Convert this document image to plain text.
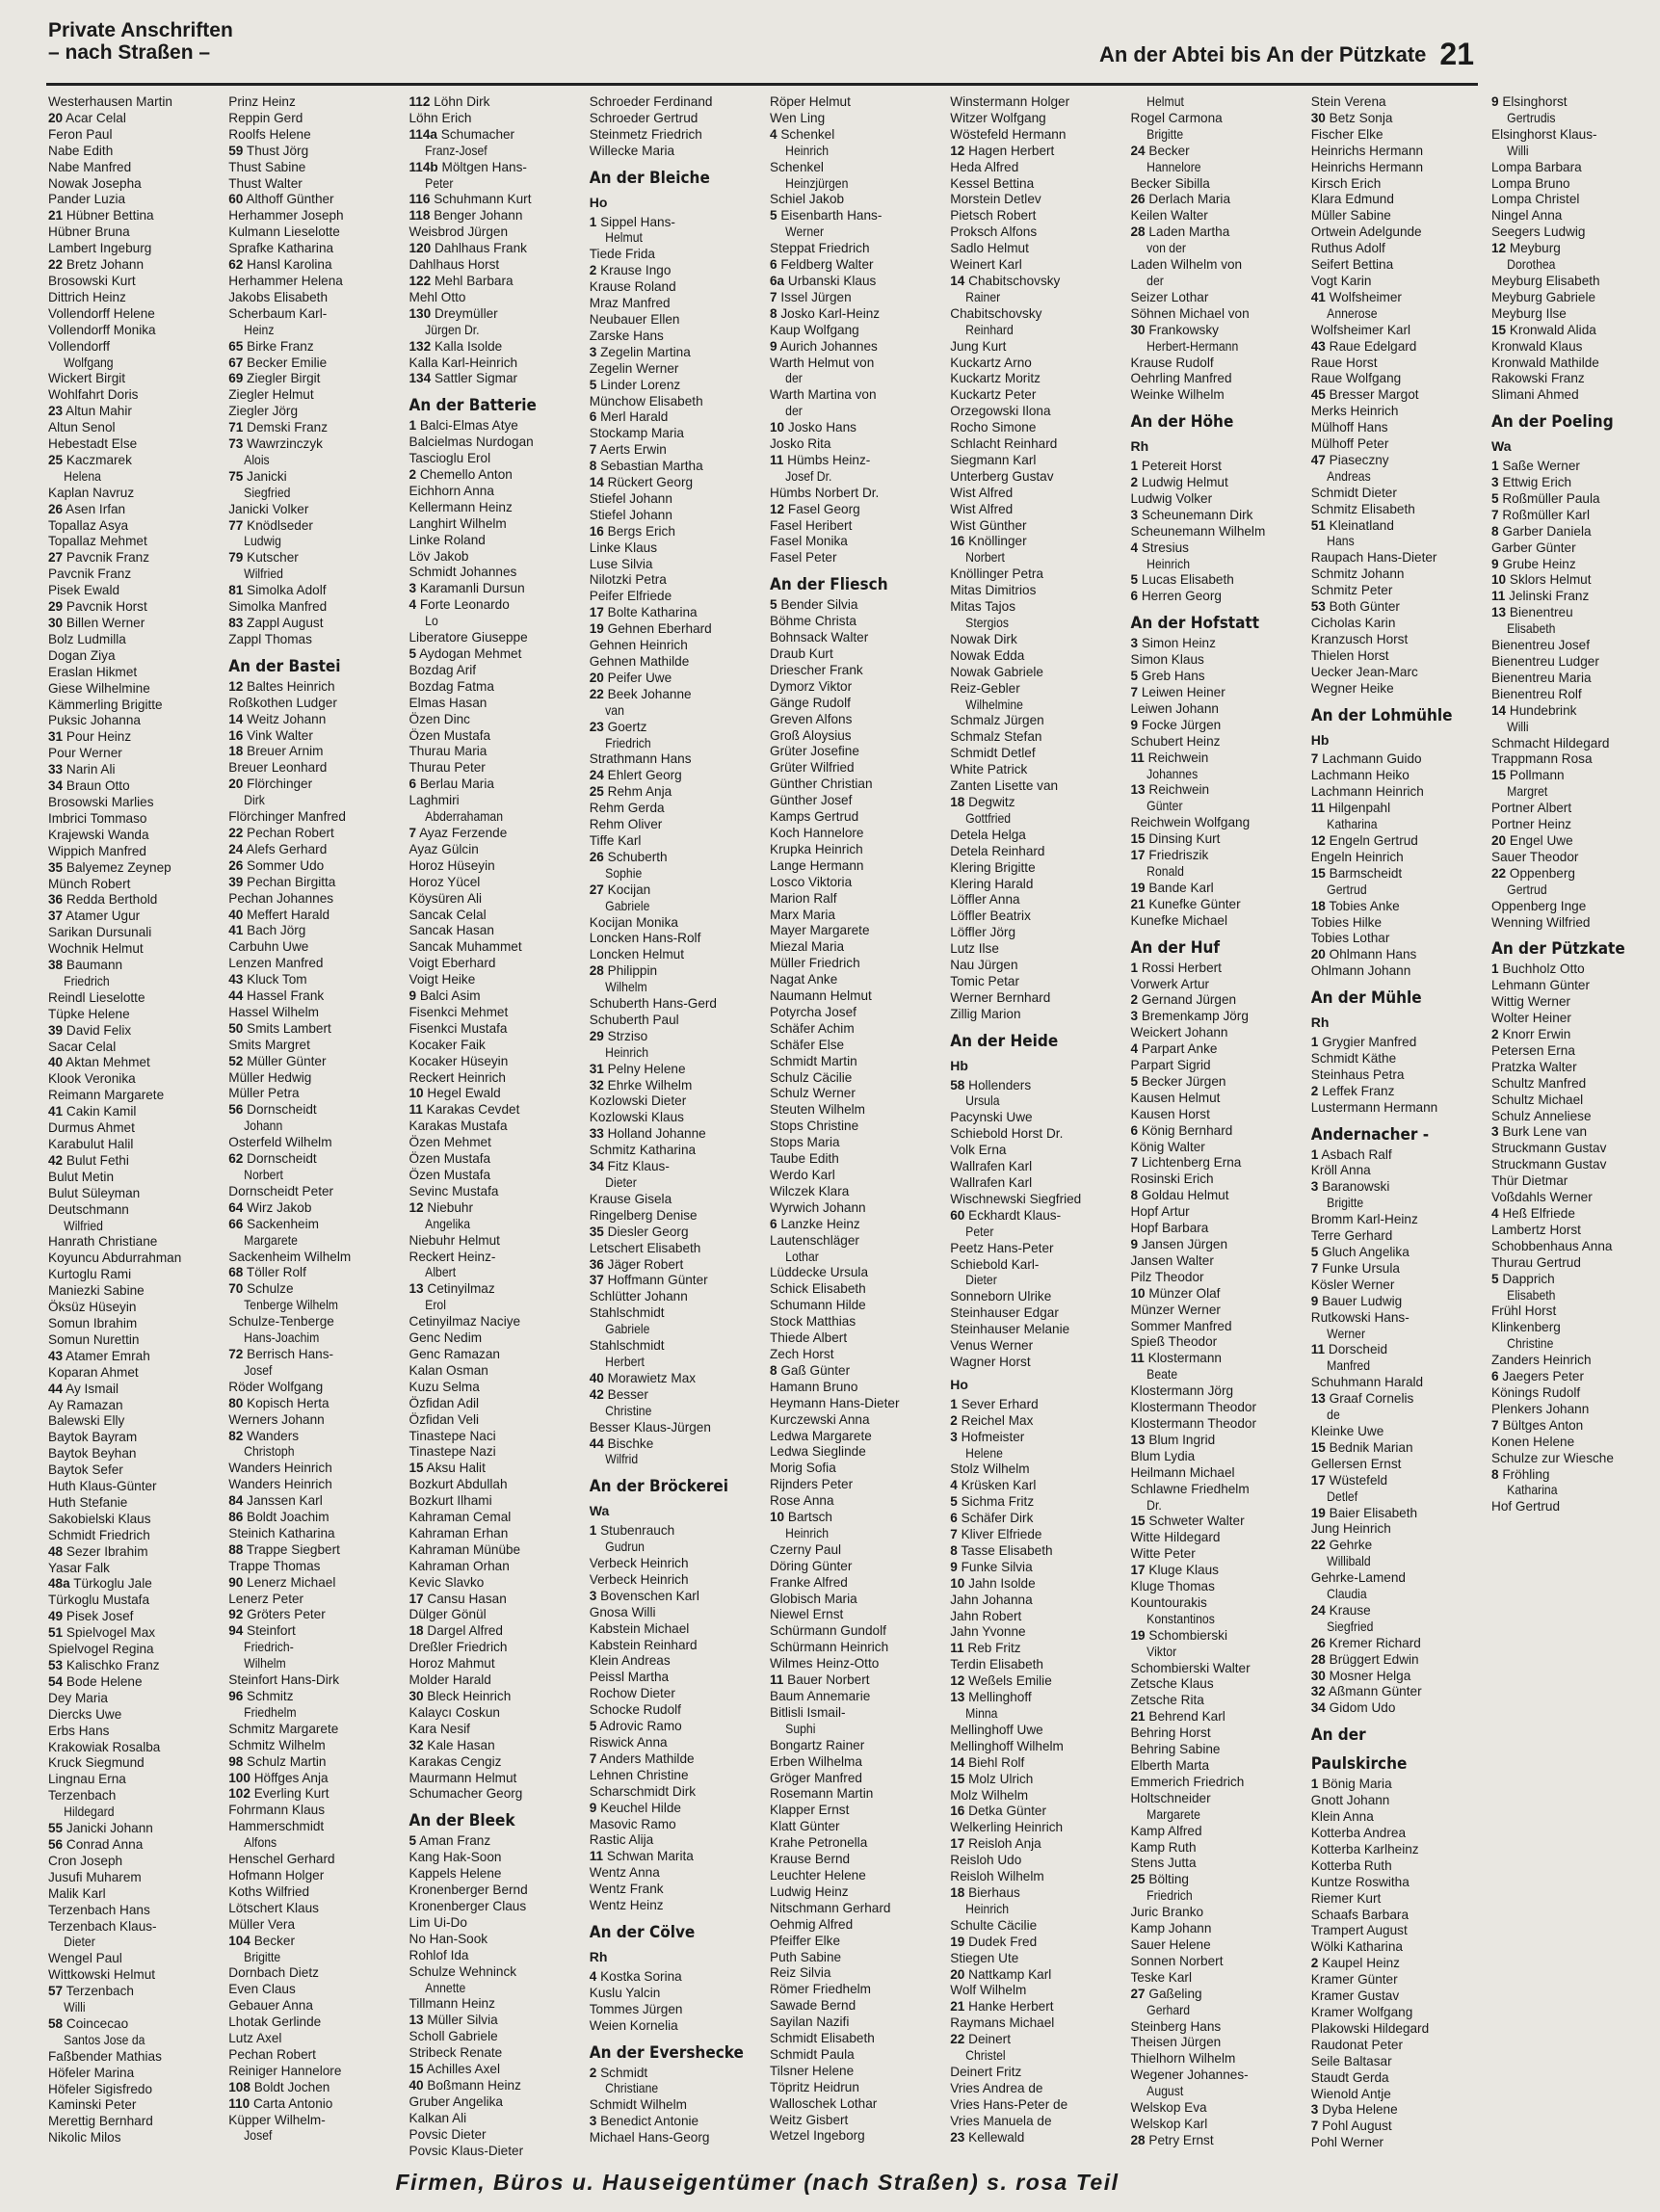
Private Anschriften
– nach Straßen –	An der Abtei bis An der Pützkate 21
Westerhausen Martin
20 Acar Celal
Feron Paul
Nabe Edith
Nabe Manfred
Nowak Josepha
Pander Luzia
21 Hübner Bettina
Hübner Bruna
Lambert Ingeburg
22 Bretz Johann
Brosowski Kurt
Dittrich Heinz
Vollendorff Helene
Vollendorff Monika
Vollendorff
Wolfgang
Wickert Birgit
Wohlfahrt Doris
23 Altun Mahir
Altun Senol
Hebestadt Else
25 Kaczmarek
Helena
Kaplan Navruz
26 Asen Irfan
Topallaz Asya
Topallaz Mehmet
27 Pavcnik Franz
Pavcnik Franz
Pisek Ewald
29 Pavcnik Horst
30 Billen Werner
Bolz Ludmilla
Dogan Ziya
Eraslan Hikmet
Giese Wilhelmine
Kämmerling Brigitte
Puksic Johanna
31 Pour Heinz
Pour Werner
33 Narin Ali
34 Braun Otto
Brosowski Marlies
Imbrici Tommaso
Krajewski Wanda
Wippich Manfred
35 Balyemez Zeynep
Münch Robert
36 Redda Berthold
37 Atamer Ugur
Sarikan Dursunali
Wochnik Helmut
38 Baumann
Friedrich
Reindl Lieselotte
Tüpke Helene
39 David Felix
Sacar Celal
40 Aktan Mehmet
Klook Veronika
Reimann Margarete
41 Cakin Kamil
Durmus Ahmet
Karabulut Halil
42 Bulut Fethi
Bulut Metin
Bulut Süleyman
Deutschmann
Wilfried
Hanrath Christiane
Koyuncu Abdurrahman
Kurtoglu Rami
Maniezki Sabine
Öksüz Hüseyin
Somun Ibrahim
Somun Nurettin
43 Atamer Emrah
Koparan Ahmet
44 Ay Ismail
Ay Ramazan
Balewski Elly
Baytok Bayram
Baytok Beyhan
Baytok Sefer
Huth Klaus-Günter
Huth Stefanie
Sakobielski Klaus
Schmidt Friedrich
48 Sezer Ibrahim
Yasar Falk
48a Türkoglu Jale
Türkoglu Mustafa
49 Pisek Josef
51 Spielvogel Max
Spielvogel Regina
53 Kalischko Franz
54 Bode Helene
Dey Maria
Diercks Uwe
Erbs Hans
Krakowiak Rosalba
Kruck Siegmund
Lingnau Erna
Terzenbach
Hildegard
55 Janicki Johann
56 Conrad Anna
Cron Joseph
Jusufi Muharem
Malik Karl
Terzenbach Hans
Terzenbach Klaus-
Dieter
Wengel Paul
Wittkowski Helmut
57 Terzenbach
Willi
58 Coincecao
Santos Jose da
Faßbender Mathias
Höfeler Marina
Höfeler Sigisfredo
Kaminski Peter
Merettig Bernhard
Nikolic Milos
Prinz Heinz
Reppin Gerd
Roolfs Helene
59 Thust Jörg
Thust Sabine
Thust Walter
60 Althoff Günther
Herhammer Joseph
Kulmann Lieselotte
Sprafke Katharina
62 Hansl Karolina
Herhammer Helena
Jakobs Elisabeth
Scherbaum Karl-
Heinz
65 Birke Franz
67 Becker Emilie
69 Ziegler Birgit
Ziegler Helmut
Ziegler Jörg
71 Demski Franz
73 Wawrzinczyk
Alois
75 Janicki
Siegfried
Janicki Volker
77 Knödlseder
Ludwig
79 Kutscher
Wilfried
81 Simolka Adolf
Simolka Manfred
83 Zappl August
Zappl Thomas
An der Bastei
12 Baltes Heinrich
Roßkothen Ludger
14 Weitz Johann
16 Vink Walter
18 Breuer Arnim
Breuer Leonhard
20 Flörchinger
Dirk
Flörchinger Manfred
22 Pechan Robert
24 Alefs Gerhard
26 Sommer Udo
39 Pechan Birgitta
Pechan Johannes
40 Meffert Harald
41 Bach Jörg
Carbuhn Uwe
Lenzen Manfred
43 Kluck Tom
44 Hassel Frank
Hassel Wilhelm
50 Smits Lambert
Smits Margret
52 Müller Günter
Müller Hedwig
Müller Petra
56 Dornscheidt
Johann
Osterfeld Wilhelm
62 Dornscheidt
Norbert
Dornscheidt Peter
64 Wirz Jakob
66 Sackenheim
Margarete
Sackenheim Wilhelm
68 Töller Rolf
70 Schulze
Tenberge Wilhelm
Schulze-Tenberge
Hans-Joachim
72 Berrisch Hans-
Josef
Röder Wolfgang
80 Kopisch Herta
Werners Johann
82 Wanders
Christoph
Wanders Heinrich
Wanders Heinrich
84 Janssen Karl
86 Boldt Joachim
Steinich Katharina
88 Trappe Siegbert
Trappe Thomas
90 Lenerz Michael
Lenerz Peter
92 Gröters Peter
94 Steinfort
Friedrich-
Wilhelm
Steinfort Hans-Dirk
96 Schmitz
Friedhelm
Schmitz Margarete
Schmitz Wilhelm
98 Schulz Martin
100 Höffges Anja
102 Everling Kurt
Fohrmann Klaus
Hammerschmidt
Alfons
Henschel Gerhard
Hofmann Holger
Koths Wilfried
Lötschert Klaus
Müller Vera
104 Becker
Brigitte
Dornbach Dietz
Even Claus
Gebauer Anna
Lhotak Gerlinde
Lutz Axel
Pechan Robert
Reiniger Hannelore
108 Boldt Jochen
110 Carta Antonio
Küpper Wilhelm-
Josef
112 Löhn Dirk
Löhn Erich
114a Schumacher
Franz-Josef
114b Möltgen Hans-
Peter
116 Schuhmann Kurt
118 Benger Johann
Weisbrod Jürgen
120 Dahlhaus Frank
Dahlhaus Horst
122 Mehl Barbara
Mehl Otto
130 Dreymüller
Jürgen Dr.
132 Kalla Isolde
Kalla Karl-Heinrich
134 Sattler Sigmar
An der Batterie
1 Balci-Elmas Atye
Balcielmas Nurdogan
Tascioglu Erol
2 Chemello Anton
Eichhorn Anna
Kellermann Heinz
Langhirt Wilhelm
Linke Roland
Löv Jakob
Schmidt Johannes
3 Karamanli Dursun
4 Forte Leonardo
Lo
Liberatore Giuseppe
5 Aydogan Mehmet
Bozdag Arif
Bozdag Fatma
Elmas Hasan
Özen Dinc
Özen Mustafa
Thurau Maria
Thurau Peter
6 Berlau Maria
Laghmiri
Abderrahaman
7 Ayaz Ferzende
Ayaz Gülcin
Horoz Hüseyin
Horoz Yücel
Köysüren Ali
Sancak Celal
Sancak Hasan
Sancak Muhammet
Voigt Eberhard
Voigt Heike
9 Balci Asim
Fisenkci Mehmet
Fisenkci Mustafa
Kocaker Faik
Kocaker Hüseyin
Reckert Heinrich
10 Hegel Ewald
11 Karakas Cevdet
Karakas Mustafa
Özen Mehmet
Özen Mustafa
Özen Mustafa
Sevinc Mustafa
12 Niebuhr
Angelika
Niebuhr Helmut
Reckert Heinz-
Albert
13 Cetinyilmaz
Erol
Cetinyilmaz Naciye
Genc Nedim
Genc Ramazan
Kalan Osman
Kuzu Selma
Özfidan Adil
Özfidan Veli
Tinastepe Naci
Tinastepe Nazi
15 Aksu Halit
Bozkurt Abdullah
Bozkurt Ilhami
Kahraman Cemal
Kahraman Erhan
Kahraman Münübe
Kahraman Orhan
Kevic Slavko
17 Cansu Hasan
Dülger Gönül
18 Dargel Alfred
Dreßler Friedrich
Horoz Mahmut
Molder Harald
30 Bleck Heinrich
Kalaycı Coskun
Kara Nesif
32 Kale Hasan
Karakas Cengiz
Maurmann Helmut
Schumacher Georg
An der Bleek
5 Aman Franz
Kang Hak-Soon
Kappels Helene
Kronenberger Bernd
Kronenberger Claus
Lim Ui-Do
No Han-Sook
Rohlof Ida
Schulze Wehninck
Annette
Tillmann Heinz
13 Müller Silvia
Scholl Gabriele
Stribeck Renate
15 Achilles Axel
40 Boßmann Heinz
Gruber Angelika
Kalkan Ali
Povsic Dieter
Povsic Klaus-Dieter
Schroeder Ferdinand
Schroeder Gertrud
Steinmetz Friedrich
Willecke Maria
An der Bleiche
Ho
1 Sippel Hans-
Helmut
Tiede Frida
2 Krause Ingo
Krause Roland
Mraz Manfred
Neubauer Ellen
Zarske Hans
3 Zegelin Martina
Zegelin Werner
5 Linder Lorenz
Münchow Elisabeth
6 Merl Harald
Stockamp Maria
7 Aerts Erwin
8 Sebastian Martha
14 Rückert Georg
Stiefel Johann
Stiefel Johann
16 Bergs Erich
Linke Klaus
Luse Silvia
Nilotzki Petra
Peifer Elfriede
17 Bolte Katharina
19 Gehnen Eberhard
Gehnen Heinrich
Gehnen Mathilde
20 Peifer Uwe
22 Beek Johanne
van
23 Goertz
Friedrich
Strathmann Hans
24 Ehlert Georg
25 Rehm Anja
Rehm Gerda
Rehm Oliver
Tiffe Karl
26 Schuberth
Sophie
27 Kocijan
Gabriele
Kocijan Monika
Loncken Hans-Rolf
Loncken Helmut
28 Philippin
Wilhelm
Schuberth Hans-Gerd
Schuberth Paul
29 Strziso
Heinrich
31 Pelny Helene
32 Ehrke Wilhelm
Kozlowski Dieter
Kozlowski Klaus
33 Holland Johanne
Schmitz Katharina
34 Fitz Klaus-
Dieter
Krause Gisela
Ringelberg Denise
35 Diesler Georg
Letschert Elisabeth
36 Jäger Robert
37 Hoffmann Günter
Schlütter Johann
Stahlschmidt
Gabriele
Stahlschmidt
Herbert
40 Morawietz Max
42 Besser
Christine
Besser Klaus-Jürgen
44 Bischke
Wilfrid
An der Bröckerei
Wa
1 Stubenrauch
Gudrun
Verbeck Heinrich
Verbeck Heinrich
3 Bovenschen Karl
Gnosa Willi
Kabstein Michael
Kabstein Reinhard
Klein Andreas
Peissl Martha
Rochow Dieter
Schocke Rudolf
5 Adrovic Ramo
Riswick Anna
7 Anders Mathilde
Lehnen Christine
Scharschmidt Dirk
9 Keuchel Hilde
Masovic Ramo
Rastic Alija
11 Schwan Marita
Wentz Anna
Wentz Frank
Wentz Heinz
An der Cölve
Rh
4 Kostka Sorina
Kuslu Yalcin
Tommes Jürgen
Weien Kornelia
An der Evershecke
2 Schmidt
Christiane
Schmidt Wilhelm
3 Benedict Antonie
Michael Hans-Georg
Röper Helmut
Wen Ling
4 Schenkel
Heinrich
Schenkel
Heinzjürgen
Schiel Jakob
5 Eisenbarth Hans-
Werner
Steppat Friedrich
6 Feldberg Walter
6a Urbanski Klaus
7 Issel Jürgen
8 Josko Karl-Heinz
Kaup Wolfgang
9 Aurich Johannes
Warth Helmut von
der
Warth Martina von
der
10 Josko Hans
Josko Rita
11 Hümbs Heinz-
Josef Dr.
Hümbs Norbert Dr.
12 Fasel Georg
Fasel Heribert
Fasel Monika
Fasel Peter
An der Fliesch
5 Bender Silvia
Böhme Christa
Bohnsack Walter
Draub Kurt
Driescher Frank
Dymorz Viktor
Gänge Rudolf
Greven Alfons
Groß Aloysius
Grüter Josefine
Grüter Wilfried
Günther Christian
Günther Josef
Kamps Gertrud
Koch Hannelore
Krupka Heinrich
Lange Hermann
Losco Viktoria
Marion Ralf
Marx Maria
Mayer Margarete
Miezal Maria
Müller Friedrich
Nagat Anke
Naumann Helmut
Potyrcha Josef
Schäfer Achim
Schäfer Else
Schmidt Martin
Schulz Cäcilie
Schulz Werner
Steuten Wilhelm
Stops Christine
Stops Maria
Taube Edith
Werdo Karl
Wilczek Klara
Wyrwich Johann
6 Lanzke Heinz
Lautenschläger
Lothar
Lüddecke Ursula
Schick Elisabeth
Schumann Hilde
Stock Matthias
Thiede Albert
Zech Horst
8 Gaß Günter
Hamann Bruno
Heymann Hans-Dieter
Kurczewski Anna
Ledwa Margarete
Ledwa Sieglinde
Morig Sofia
Rijnders Peter
Rose Anna
10 Bartsch
Heinrich
Czerny Paul
Döring Günter
Franke Alfred
Globisch Maria
Niewel Ernst
Schürmann Gundolf
Schürmann Heinrich
Wilmes Heinz-Otto
11 Bauer Norbert
Baum Annemarie
Bitlisli Ismail-
Suphi
Bongartz Rainer
Erben Wilhelma
Gröger Manfred
Rosemann Martin
Klapper Ernst
Klatt Günter
Krahe Petronella
Krause Bernd
Leuchter Helene
Ludwig Heinz
Nitschmann Gerhard
Oehmig Alfred
Pfeiffer Elke
Puth Sabine
Reiz Silvia
Römer Friedhelm
Sawade Bernd
Sayilan Nazifi
Schmidt Elisabeth
Schmidt Paula
Tilsner Helene
Töpritz Heidrun
Walloschek Lothar
Weitz Gisbert
Wetzel Ingeborg
Winstermann Holger
Witzer Wolfgang
Wöstefeld Hermann
12 Hagen Herbert
Heda Alfred
Kessel Bettina
Morstein Detlev
Pietsch Robert
Proksch Alfons
Sadlo Helmut
Weinert Karl
14 Chabitschovsky
Rainer
Chabitschovsky
Reinhard
Jung Kurt
Kuckartz Arno
Kuckartz Moritz
Kuckartz Peter
Orzegowski Ilona
Rocho Simone
Schlacht Reinhard
Siegmann Karl
Unterberg Gustav
Wist Alfred
Wist Alfred
Wist Günther
16 Knöllinger
Norbert
Knöllinger Petra
Mitas Dimitrios
Mitas Tajos
Stergios
Nowak Dirk
Nowak Edda
Nowak Gabriele
Reiz-Gebler
Wilhelmine
Schmalz Jürgen
Schmalz Stefan
Schmidt Detlef
White Patrick
Zanten Lisette van
18 Degwitz
Gottfried
Detela Helga
Detela Reinhard
Klering Brigitte
Klering Harald
Löffler Anna
Löffler Beatrix
Löffler Jörg
Lutz Ilse
Nau Jürgen
Tomic Petar
Werner Bernhard
Zillig Marion
An der Heide
Hb
58 Hollenders
Ursula
Pacynski Uwe
Schiebold Horst Dr.
Volk Erna
Wallrafen Karl
Wallrafen Karl
Wischnewski Siegfried
60 Eckhardt Klaus-
Peter
Peetz Hans-Peter
Schiebold Karl-
Dieter
Sonneborn Ulrike
Steinhauser Edgar
Steinhauser Melanie
Venus Werner
Wagner Horst
Ho
1 Sever Erhard
2 Reichel Max
3 Hofmeister
Helene
Stolz Wilhelm
4 Krüsken Karl
5 Sichma Fritz
6 Schäfer Dirk
7 Kliver Elfriede
8 Tasse Elisabeth
9 Funke Silvia
10 Jahn Isolde
Jahn Johanna
Jahn Robert
Jahn Yvonne
11 Reb Fritz
Terdin Elisabeth
12 Weßels Emilie
13 Mellinghoff
Minna
Mellinghoff Uwe
Mellinghoff Wilhelm
14 Biehl Rolf
15 Molz Ulrich
Molz Wilhelm
16 Detka Günter
Welkerling Heinrich
17 Reisloh Anja
Reisloh Udo
Reisloh Wilhelm
18 Bierhaus
Heinrich
Schulte Cäcilie
19 Dudek Fred
Stiegen Ute
20 Nattkamp Karl
Wolf Wilhelm
21 Hanke Herbert
Raymans Michael
22 Deinert
Christel
Deinert Fritz
Vries Andrea de
Vries Hans-Peter de
Vries Manuela de
23 Kellewald
Helmut
Rogel Carmona
Brigitte
24 Becker
Hannelore
Becker Sibilla
26 Derlach Maria
Keilen Walter
28 Laden Martha
von der
Laden Wilhelm von
der
Seizer Lothar
Söhnen Michael von
30 Frankowsky
Herbert-Hermann
Krause Rudolf
Oehrling Manfred
Weinke Wilhelm
An der Höhe
Rh
1 Petereit Horst
2 Ludwig Helmut
Ludwig Volker
3 Scheunemann Dirk
Scheunemann Wilhelm
4 Stresius
Heinrich
5 Lucas Elisabeth
6 Herren Georg
An der Hofstatt
3 Simon Heinz
Simon Klaus
5 Greb Hans
7 Leiwen Heiner
Leiwen Johann
9 Focke Jürgen
Schubert Heinz
11 Reichwein
Johannes
13 Reichwein
Günter
Reichwein Wolfgang
15 Dinsing Kurt
17 Friedriszik
Ronald
19 Bande Karl
21 Kunefke Günter
Kunefke Michael
An der Huf
1 Rossi Herbert
Vorwerk Artur
2 Gernand Jürgen
3 Bremenkamp Jörg
Weickert Johann
4 Parpart Anke
Parpart Sigrid
5 Becker Jürgen
Kausen Helmut
Kausen Horst
6 König Bernhard
König Walter
7 Lichtenberg Erna
Rosinski Erich
8 Goldau Helmut
Hopf Artur
Hopf Barbara
9 Jansen Jürgen
Jansen Walter
Pilz Theodor
10 Münzer Olaf
Münzer Werner
Sommer Manfred
Spieß Theodor
11 Klostermann
Beate
Klostermann Jörg
Klostermann Theodor
Klostermann Theodor
13 Blum Ingrid
Blum Lydia
Heilmann Michael
Schlawne Friedhelm
Dr.
15 Schweter Walter
Witte Hildegard
Witte Peter
17 Kluge Klaus
Kluge Thomas
Kountourakis
Konstantinos
19 Schombierski
Viktor
Schombierski Walter
Zetsche Klaus
Zetsche Rita
21 Behrend Karl
Behring Horst
Behring Sabine
Elberth Marta
Emmerich Friedrich
Holtschneider
Margarete
Kamp Alfred
Kamp Ruth
Stens Jutta
25 Bölting
Friedrich
Juric Branko
Kamp Johann
Sauer Helene
Sonnen Norbert
Teske Karl
27 Gaßeling
Gerhard
Steinberg Hans
Theisen Jürgen
Thielhorn Wilhelm
Wegener Johannes-
August
Welskop Eva
Welskop Karl
28 Petry Ernst
Stein Verena
30 Betz Sonja
Fischer Elke
Heinrichs Hermann
Heinrichs Hermann
Kirsch Erich
Klara Edmund
Müller Sabine
Ortwein Adelgunde
Ruthus Adolf
Seifert Bettina
Vogt Karin
41 Wolfsheimer
Annerose
Wolfsheimer Karl
43 Raue Edelgard
Raue Horst
Raue Wolfgang
45 Bresser Margot
Merks Heinrich
Mülhoff Hans
Mülhoff Peter
47 Piaseczny
Andreas
Schmidt Dieter
Schmitz Elisabeth
51 Kleinatland
Hans
Raupach Hans-Dieter
Schmitz Johann
Schmitz Peter
53 Both Günter
Cicholas Karin
Kranzusch Horst
Thielen Horst
Uecker Jean-Marc
Wegner Heike
An der Lohmühle
Hb
7 Lachmann Guido
Lachmann Heiko
Lachmann Heinrich
11 Hilgenpahl
Katharina
12 Engeln Gertrud
Engeln Heinrich
15 Barmscheidt
Gertrud
18 Tobies Anke
Tobies Hilke
Tobies Lothar
20 Ohlmann Hans
Ohlmann Johann
An der Mühle
Rh
1 Grygier Manfred
Schmidt Käthe
Steinhaus Petra
2 Leffek Franz
Lustermann Hermann
Andernacher -
1 Asbach Ralf
Kröll Anna
3 Baranowski
Brigitte
Bromm Karl-Heinz
Terre Gerhard
5 Gluch Angelika
7 Funke Ursula
Kösler Werner
9 Bauer Ludwig
Rutkowski Hans-
Werner
11 Dorscheid
Manfred
Schuhmann Harald
13 Graaf Cornelis
de
Kleinke Uwe
15 Bednik Marian
Gellersen Ernst
17 Wüstefeld
Detlef
19 Baier Elisabeth
Jung Heinrich
22 Gehrke
Willibald
Gehrke-Lamend
Claudia
24 Krause
Siegfried
26 Kremer Richard
28 Brüggert Edwin
30 Mosner Helga
32 Aßmann Günter
34 Gidom Udo
An der
Paulskirche
1 Bönig Maria
Gnott Johann
Klein Anna
Kotterba Andrea
Kotterba Karlheinz
Kotterba Ruth
Kuntze Roswitha
Riemer Kurt
Schaafs Barbara
Trampert August
Wölki Katharina
2 Kaupel Heinz
Kramer Günter
Kramer Gustav
Kramer Wolfgang
Plakowski Hildegard
Raudonat Peter
Seile Baltasar
Staudt Gerda
Wienold Antje
3 Dyba Helene
7 Pohl August
Pohl Werner
9 Elsinghorst
Gertrudis
Elsinghorst Klaus-
Willi
Lompa Barbara
Lompa Bruno
Lompa Christel
Ningel Anna
Seegers Ludwig
12 Meyburg
Dorothea
Meyburg Elisabeth
Meyburg Gabriele
Meyburg Ilse
15 Kronwald Alida
Kronwald Klaus
Kronwald Mathilde
Rakowski Franz
Slimani Ahmed
An der Poeling
Wa
1 Saße Werner
3 Ettwig Erich
5 Roßmüller Paula
7 Roßmüller Karl
8 Garber Daniela
Garber Günter
9 Grube Heinz
10 Sklors Helmut
11 Jelinski Franz
13 Bienentreu
Elisabeth
Bienentreu Josef
Bienentreu Ludger
Bienentreu Maria
Bienentreu Rolf
14 Hundebrink
Willi
Schmacht Hildegard
Trappmann Rosa
15 Pollmann
Margret
Portner Albert
Portner Heinz
20 Engel Uwe
Sauer Theodor
22 Oppenberg
Gertrud
Oppenberg Inge
Wenning Wilfried
An der Pützkate
1 Buchholz Otto
Lehmann Günter
Wittig Werner
Wolter Heiner
2 Knorr Erwin
Petersen Erna
Pratzka Walter
Schultz Manfred
Schultz Michael
Schulz Anneliese
3 Burk Lene van
Struckmann Gustav
Struckmann Gustav
Thür Dietmar
Voßdahls Werner
4 Heß Elfriede
Lambertz Horst
Schobbenhaus Anna
Thurau Gertrud
5 Dapprich
Elisabeth
Frühl Horst
Klinkenberg
Christine
Zanders Heinrich
6 Jaegers Peter
Könings Rudolf
Plenkers Johann
7 Bültges Anton
Konen Helene
Schulze zur Wiesche
8 Fröhling
Katharina
Hof Gertrud
Firmen, Büros u. Hauseigentümer (nach Straßen) s. rosa Teil
